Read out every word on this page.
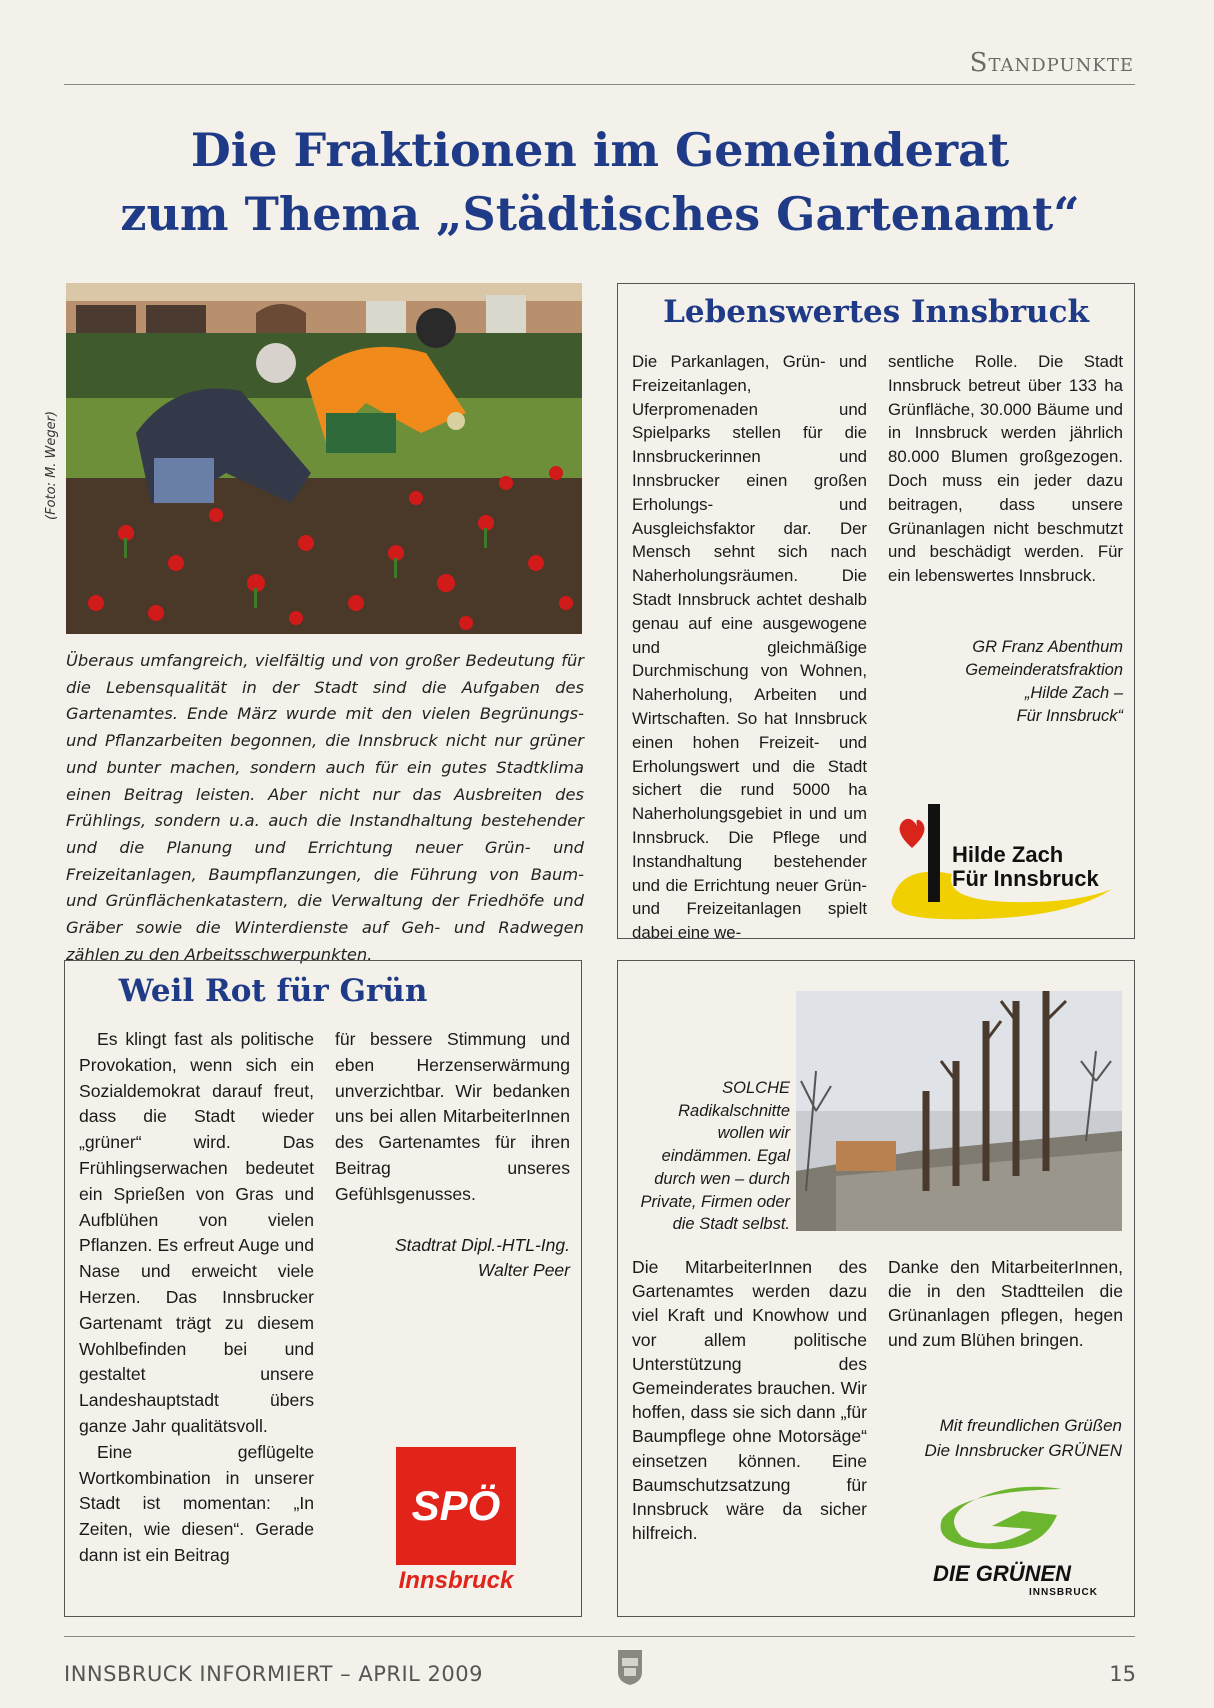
Standpunkte
Die Fraktionen im Gemeinderat
zum Thema „Städtisches Gartenamt“
(Foto: M. Weger)
Überaus umfangreich, vielfältig und von großer Bedeutung für die Lebensqualität in der Stadt sind die Aufgaben des Gartenamtes. Ende März wurde mit den vielen Begrünungs- und Pflanzarbeiten begonnen, die Innsbruck nicht nur grüner und bunter machen, sondern auch für ein gutes Stadtklima einen Beitrag leisten. Aber nicht nur das Ausbreiten des Frühlings, sondern u.a. auch die Instandhaltung bestehender und die Planung und Errichtung neuer Grün- und Freizeitanlagen, Baumpflanzungen, die Führung von Baum- und Grünflächenkatastern, die Verwaltung der Friedhöfe und Gräber sowie die Winterdienste auf Geh- und Radwegen zählen zu den Arbeitsschwerpunkten.
Lebenswertes Innsbruck
Die Parkanlagen, Grün- und Freizeitanlagen, Uferpromenaden und Spielparks stellen für die Innsbruckerinnen und Innsbrucker einen großen Erholungs- und Ausgleichsfaktor dar. Der Mensch sehnt sich nach Naherholungsräumen. Die Stadt Innsbruck achtet deshalb genau auf eine ausgewogene und gleichmäßige Durchmischung von Wohnen, Naherholung, Arbeiten und Wirtschaften. So hat Innsbruck einen hohen Freizeit- und Erholungswert und die Stadt sichert die rund 5000 ha Naherholungsgebiet in und um Innsbruck. Die Pflege und Instandhaltung bestehender und die Errichtung neuer Grün- und Freizeitanlagen spielt dabei eine we-
sentliche Rolle. Die Stadt Innsbruck betreut über 133 ha Grünfläche, 30.000 Bäume und in Innsbruck werden jährlich 80.000 Blumen großgezogen. Doch muss ein jeder dazu beitragen, dass unsere Grünanlagen nicht beschmutzt und beschädigt werden. Für ein lebenswertes Innsbruck.
GR Franz Abenthum
Gemeinderatsfraktion
„Hilde Zach –
Für Innsbruck“
Hilde Zach
Für Innsbruck
Weil Rot für Grün

Es klingt fast als politische Provokation, wenn sich ein Sozialdemokrat darauf freut, dass die Stadt wieder „grüner“ wird. Das Frühlingserwachen bedeutet ein Sprießen von Gras und Aufblühen von vielen Pflanzen. Es erfreut Auge und Nase und erweicht viele Herzen. Das Innsbrucker Gartenamt trägt zu diesem Wohlbefinden bei und gestaltet unsere Landeshauptstadt übers ganze Jahr qualitätsvoll.

Eine geflügelte Wortkombination in unserer Stadt ist momentan: „In Zeiten, wie diesen“. Gerade dann ist ein Beitrag

für bessere Stimmung und eben Herzenserwärmung unverzichtbar. Wir bedanken uns bei allen MitarbeiterInnen des Gartenamtes für ihren Beitrag unseres Gefühlsgenusses.
Stadtrat Dipl.-HTL-Ing.
Walter Peer
SPÖ
Innsbruck
SOLCHE Radikalschnitte wollen wir eindämmen. Egal durch wen – durch Private, Firmen oder die Stadt selbst.
Die MitarbeiterInnen des Gartenamtes werden dazu viel Kraft und Knowhow und vor allem politische Unterstützung des Gemeinderates brauchen. Wir hoffen, dass sie sich dann „für Baumpflege ohne Motorsäge“ einsetzen können. Eine Baumschutzsatzung für Innsbruck wäre da sicher hilfreich.
Danke den MitarbeiterInnen, die in den Stadtteilen die Grünanlagen pflegen, hegen und zum Blühen bringen.
Mit freundlichen Grüßen
Die Innsbrucker GRÜNEN
DIE GRÜNEN
INNSBRUCK
INNSBRUCK INFORMIERT – APRIL 2009	15
